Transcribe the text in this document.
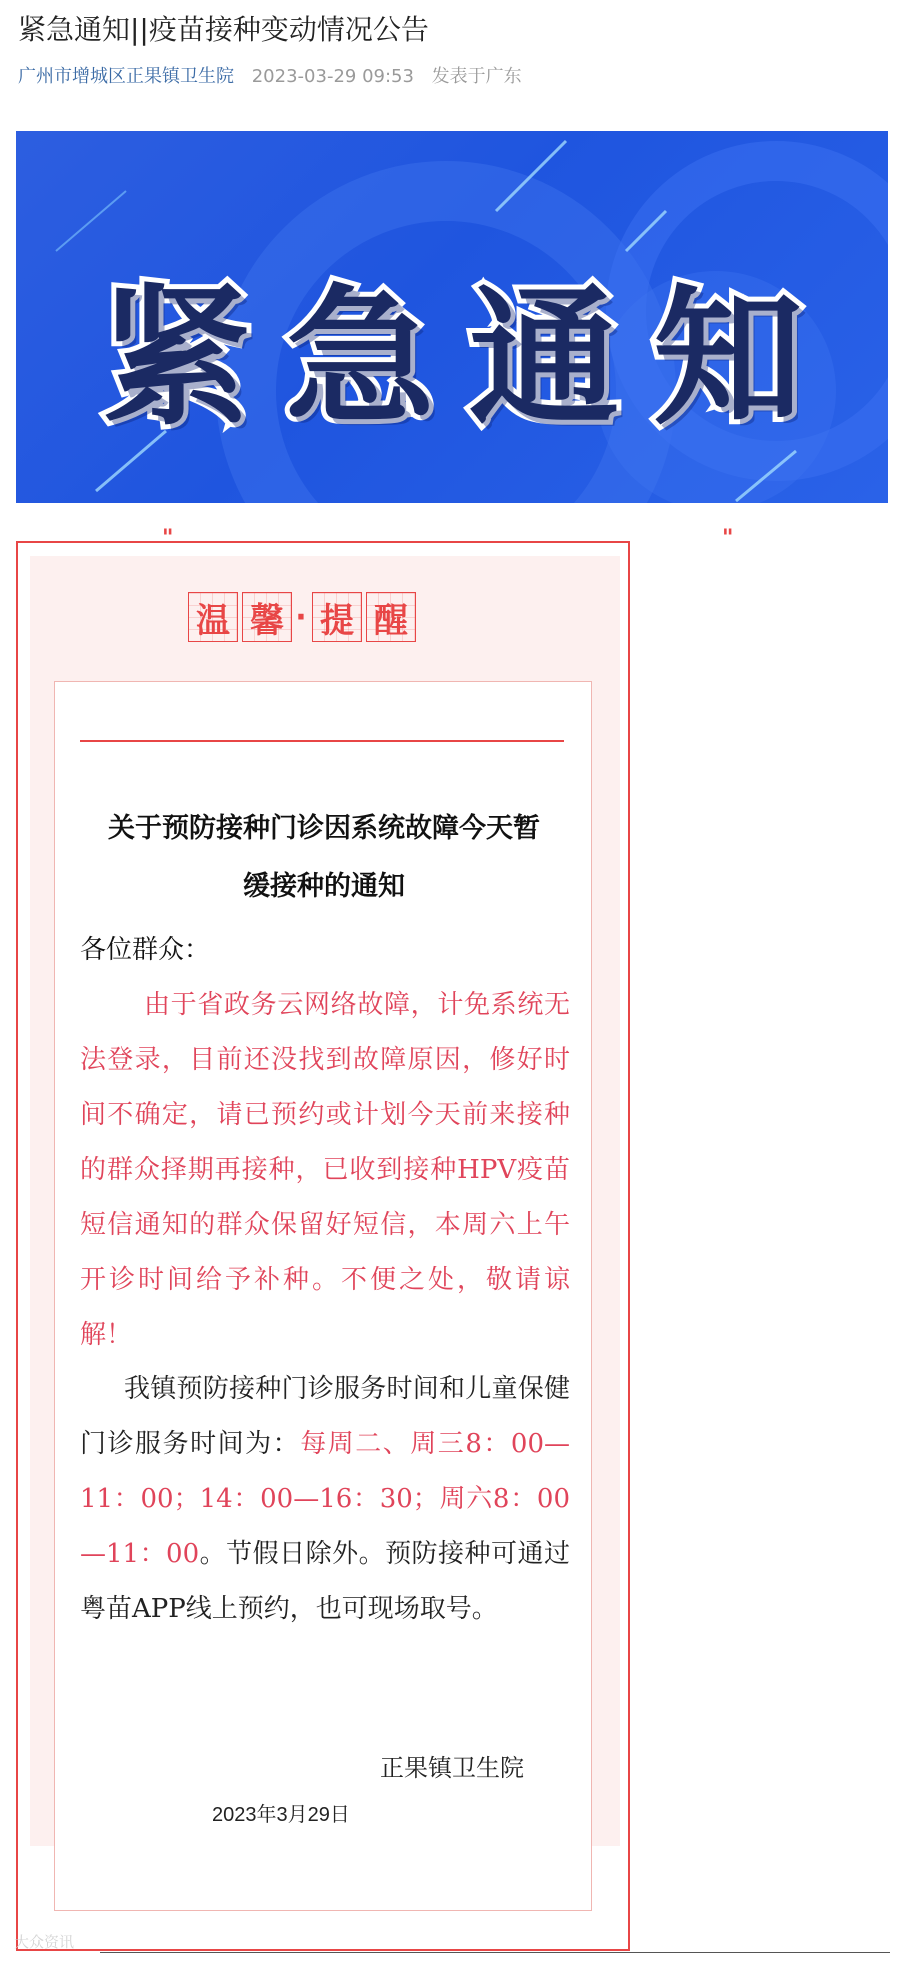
紧急通知||疫苗接种变动情况公告
广州市增城区正果镇卫生院 2023-03-29 09:53 发表于广东
紧急通知
"	"
温 馨 · 提 醒
关于预防接种门诊因系统故障今天暂
缓接种的通知
各位群众：

由于省政务云网络故障，计免系统无法登录，目前还没找到故障原因，修好时间不确定，请已预约或计划今天前来接种的群众择期再接种，已收到接种HPV疫苗短信通知的群众保留好短信，本周六上午开诊时间给予补种。不便之处，敬请谅解！

我镇预防接种门诊服务时间和儿童保健门诊服务时间为：每周二、周三8：00—11：00；14：00—16：30；周六8：00—11：00。节假日除外。预防接种可通过粤苗APP线上预约，也可现场取号。

正果镇卫生院
2023年3月29日
大众资讯
